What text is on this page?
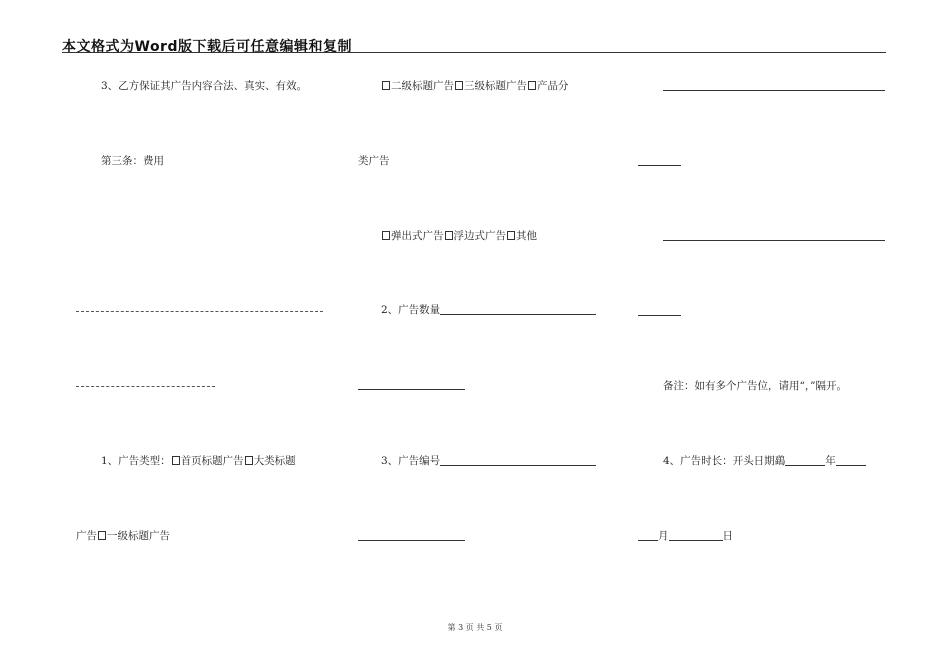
本文格式为Word版下载后可任意编辑和复制
3、乙方保证其广告内容合法、真实、有效。
第三条：费用
1、广告类型： 首页标题广告 大类标题
广告 一级标题广告
二级标题广告 三级标题广告 产品分
类广告
弹出式广告 浮边式广告 其他
2、广告数量
3、广告编号
备注：如有多个广告位，请用“，”隔开。
4、广告时长：开头日期鷂	年
月	日
第 3 页 共 5 页
